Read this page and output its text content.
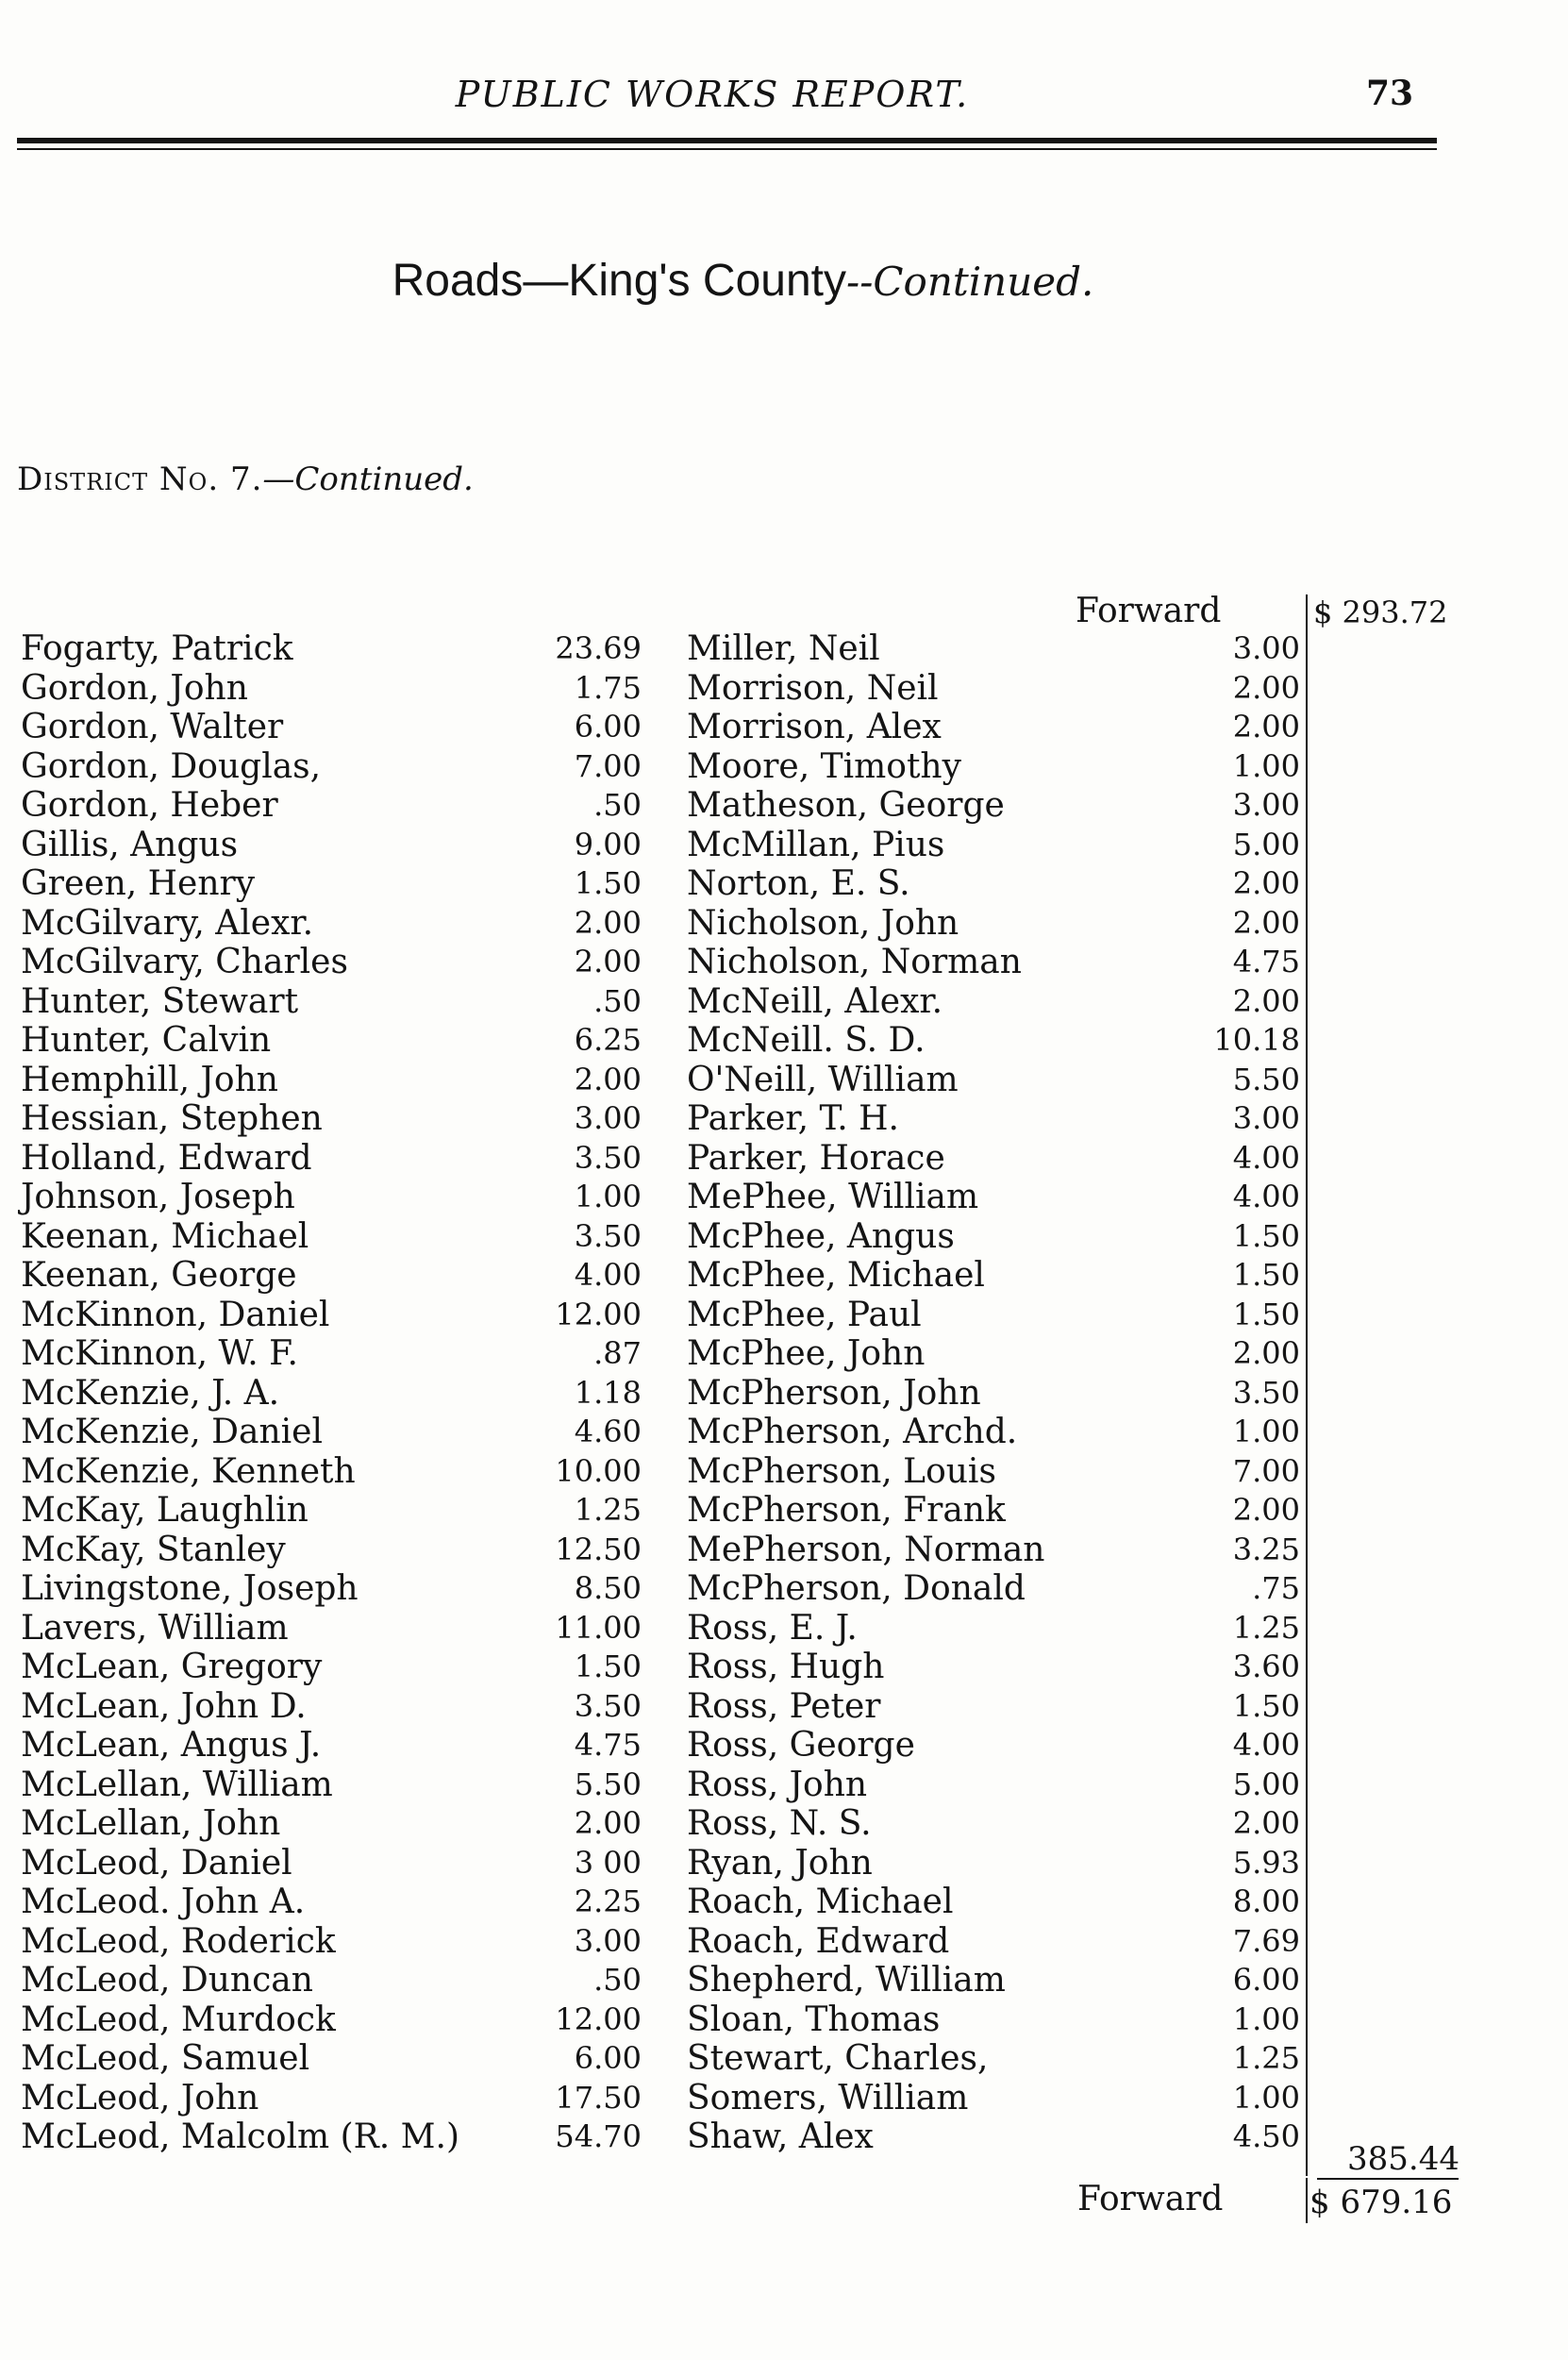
PUBLIC WORKS REPORT.	73
Roads—King's County--Continued.
District No. 7.—Continued.
Forward	$ 293.72
Fogarty, Patrick	23.69 Miller, Neil	3.00
Gordon, John	1.75 Morrison, Neil	2.00
Gordon, Walter	6.00 Morrison, Alex	2.00
Gordon, Douglas,	7.00 Moore, Timothy	1.00
Gordon, Heber	.50 Matheson, George	3.00
Gillis, Angus	9.00 McMillan, Pius	5.00
Green, Henry	1.50 Norton, E. S.	2.00
McGilvary, Alexr.	2.00 Nicholson, John	2.00
McGilvary, Charles	2.00 Nicholson, Norman	4.75
Hunter, Stewart	.50 McNeill, Alexr.	2.00
Hunter, Calvin	6.25 McNeill. S. D.	10.18
Hemphill, John	2.00 O'Neill, William	5.50
Hessian, Stephen	3.00 Parker, T. H.	3.00
Holland, Edward	3.50 Parker, Horace	4.00
Johnson, Joseph	1.00 MePhee, William	4.00
Keenan, Michael	3.50 McPhee, Angus	1.50
Keenan, George	4.00 McPhee, Michael	1.50
McKinnon, Daniel	12.00 McPhee, Paul	1.50
McKinnon, W. F.	.87 McPhee, John	2.00
McKenzie, J. A.	1.18 McPherson, John	3.50
McKenzie, Daniel	4.60 McPherson, Archd.	1.00
McKenzie, Kenneth	10.00 McPherson, Louis	7.00
McKay, Laughlin	1.25 McPherson, Frank	2.00
McKay, Stanley	12.50 MePherson, Norman	3.25
Livingstone, Joseph	8.50 McPherson, Donald	.75
Lavers, William	11.00 Ross, E. J.	1.25
McLean, Gregory	1.50 Ross, Hugh	3.60
McLean, John D.	3.50 Ross, Peter	1.50
McLean, Angus J.	4.75 Ross, George	4.00
McLellan, William	5.50 Ross, John	5.00
McLellan, John	2.00 Ross, N. S.	2.00
McLeod, Daniel	3 00 Ryan, John	5.93
McLeod. John A.	2.25 Roach, Michael	8.00
McLeod, Roderick	3.00 Roach, Edward	7.69
McLeod, Duncan	.50 Shepherd, William	6.00
McLeod, Murdock	12.00 Sloan, Thomas	1.00
McLeod, Samuel	6.00 Stewart, Charles,	1.25
McLeod, John	17.50 Somers, William	1.00
McLeod, Malcolm (R. M.)	54.70 Shaw, Alex	4.50
385.44
Forward	$ 679.16
